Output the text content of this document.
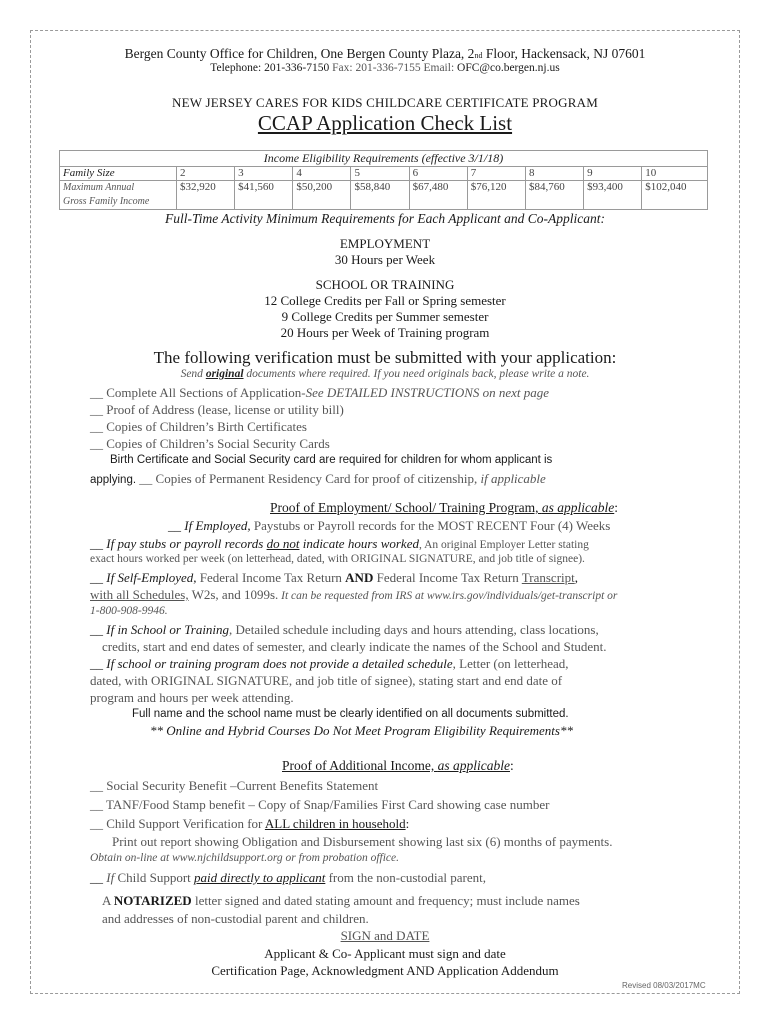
Bergen County Office for Children, One Bergen County Plaza, 2nd Floor, Hackensack, NJ 07601
Telephone: 201-336-7150 Fax: 201-336-7155 Email: OFC@co.bergen.nj.us
NEW JERSEY CARES FOR KIDS CHILDCARE CERTIFICATE PROGRAM
CCAP Application Check List
Income Eligibility Requirements (effective 3/1/18)									
Family Size	2	3	4	5	6	7	8	9	10
Maximum Annual
Gross Family Income	$32,920	$41,560	$50,200	$58,840	$67,480	$76,120	$84,760	$93,400	$102,040
Full-Time Activity Minimum Requirements for Each Applicant and Co-Applicant:
EMPLOYMENT
30 Hours per Week
SCHOOL OR TRAINING
12 College Credits per Fall or Spring semester
9 College Credits per Summer semester
20 Hours per Week of Training program
The following verification must be submitted with your application:
Send original documents where required. If you need originals back, please write a note.
__ Complete All Sections of Application-See DETAILED INSTRUCTIONS on next page
__ Proof of Address (lease, license or utility bill)
__ Copies of Children’s Birth Certificates
__ Copies of Children’s Social Security Cards
Birth Certificate and Social Security card are required for children for whom applicant is
applying. __ Copies of Permanent Residency Card for proof of citizenship, if applicable
Proof of Employment/ School/ Training Program, as applicable:
__ If Employed, Paystubs or Payroll records for the MOST RECENT Four (4) Weeks
__ If pay stubs or payroll records do not indicate hours worked, An original Employer Letter stating
exact hours worked per week (on letterhead, dated, with ORIGINAL SIGNATURE, and job title of signee).
__ If Self-Employed, Federal Income Tax Return AND Federal Income Tax Return Transcript,
with all Schedules, W2s, and 1099s. It can be requested from IRS at www.irs.gov/individuals/get-transcript or
1-800-908-9946.
__ If in School or Training, Detailed schedule including days and hours attending, class locations,
credits, start and end dates of semester, and clearly indicate the names of the School and Student.
__ If school or training program does not provide a detailed schedule, Letter (on letterhead,
dated, with ORIGINAL SIGNATURE, and job title of signee), stating start and end date of
program and hours per week attending.
Full name and the school name must be clearly identified on all documents submitted.
** Online and Hybrid Courses Do Not Meet Program Eligibility Requirements**
Proof of Additional Income, as applicable:
__ Social Security Benefit –Current Benefits Statement
__ TANF/Food Stamp benefit – Copy of Snap/Families First Card showing case number
__ Child Support Verification for ALL children in household:
Print out report showing Obligation and Disbursement showing last six (6) months of payments.
Obtain on-line at www.njchildsupport.org or from probation office.
__ If Child Support paid directly to applicant from the non-custodial parent,
A NOTARIZED letter signed and dated stating amount and frequency; must include names
and addresses of non-custodial parent and children.
SIGN and DATE
Applicant & Co- Applicant must sign and date
Certification Page, Acknowledgment AND Application Addendum
Revised 08/03/2017MC
